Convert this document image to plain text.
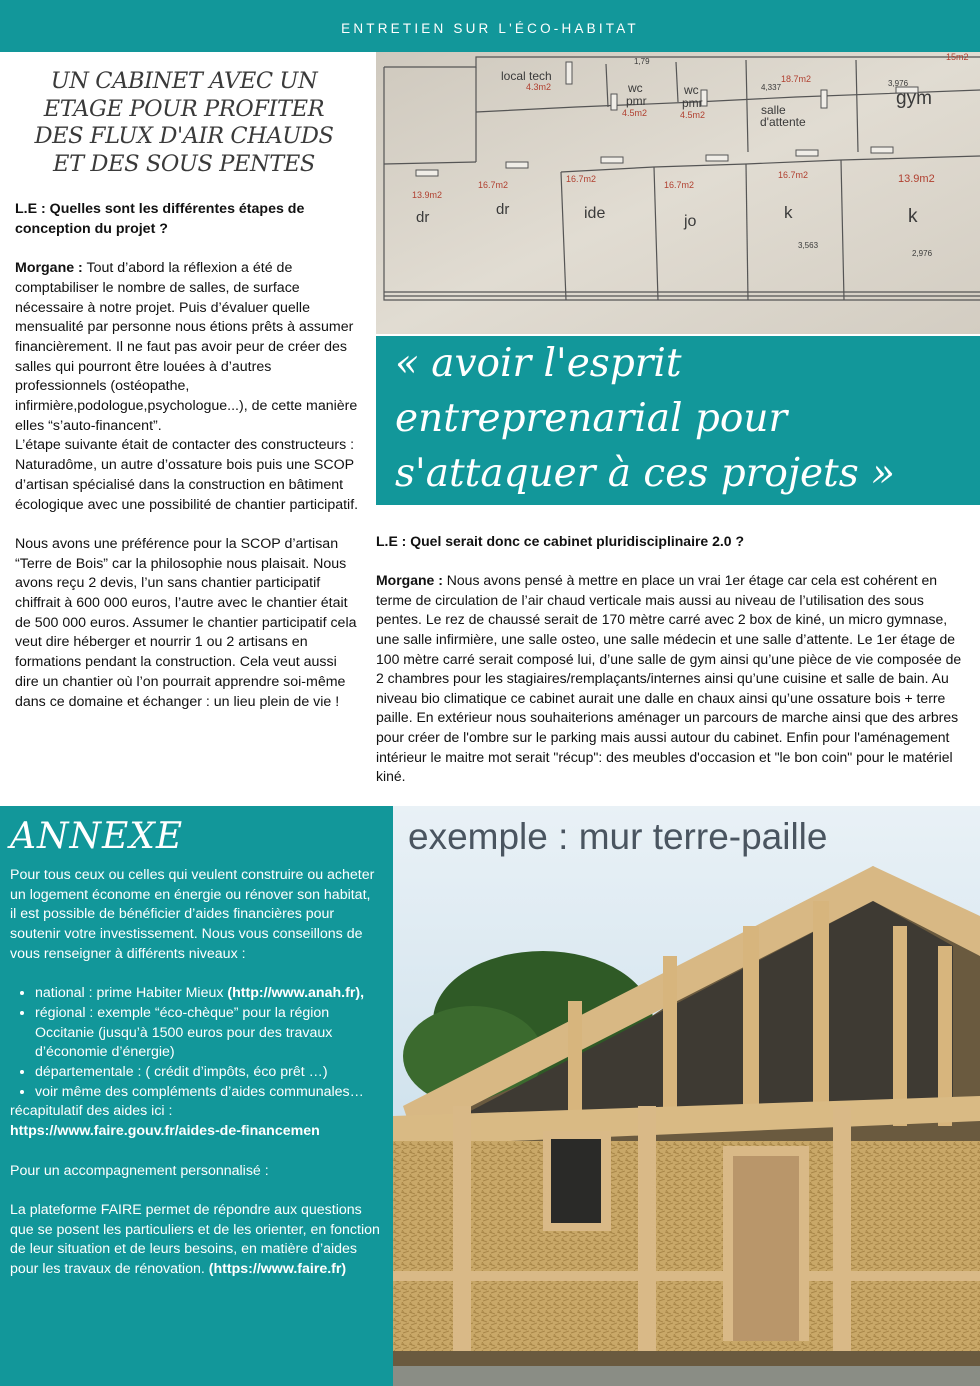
ENTRETIEN SUR L'ÉCO-HABITAT
UN CABINET AVEC UN
ETAGE POUR PROFITER
DES FLUX D'AIR CHAUDS
ET DES SOUS PENTES

L.E : Quelles sont les différentes étapes de conception du projet ?

Morgane : Tout d’abord la réflexion a été de comptabiliser le nombre de salles, de surface nécessaire à notre projet. Puis d’évaluer quelle mensualité par personne nous étions prêts à assumer financièrement. Il ne faut pas avoir peur de créer des salles qui pourront être louées à d’autres professionnels (ostéopathe, infirmière,podologue,psychologue...), de cette manière elles “s’auto-financent”.

L’étape suivante était de contacter des constructeurs : Naturadôme, un autre d’ossature bois puis une SCOP d’artisan spécialisé dans la construction en bâtiment écologique avec une possibilité de chantier participatif.

Nous avons une préférence pour la SCOP d’artisan “Terre de Bois” car la philosophie nous plaisait. Nous avons reçu 2 devis, l’un sans chantier participatif chiffrait à 600 000 euros, l’autre avec le chantier était de 500 000 euros. Assumer le chantier participatif cela veut dire héberger et nourrir 1 ou 2 artisans en formations pendant la construction. Cela veut aussi dire un chantier où l’on pourrait apprendre soi-même dans ce domaine et échanger : un lieu plein de vie !

local tech
wc
pmr
wc
pmr	salle
d'attente
gym
dr	dr	ide	jo	k	k
4.3m2
4.5m2	4.5m2
18.7m2
15m2
13.9m2
16.7m2
16.7m2
16.7m2
16.7m2	13.9m2
1,79
4,337	3,976
3,563
2,976
« avoir l'esprit
entreprenarial pour
s'attaquer à ces projets »

L.E : Quel serait donc ce cabinet pluridisciplinaire 2.0 ?

Morgane : Nous avons pensé à mettre en place un vrai 1er étage car cela est cohérent en terme de circulation de l’air chaud verticale mais aussi au niveau de l’utilisation des sous pentes. Le rez de chaussé serait de 170 mètre carré avec 2 box de kiné, un micro gymnase, une salle infirmière, une salle osteo, une salle médecin et une salle d’attente. Le 1er étage de 100 mètre carré serait composé lui, d’une salle de gym ainsi qu’une pièce de vie composée de 2 chambres pour les stagiaires/remplaçants/internes ainsi qu’une cuisine et salle de bain. Au niveau bio climatique ce cabinet aurait une dalle en chaux ainsi qu’une ossature bois + terre paille. En extérieur nous souhaiterions aménager un parcours de marche ainsi que des arbres pour créer de l'ombre sur le parking mais aussi autour du cabinet. Enfin pour l'aménagement intérieur le maitre mot serait "récup": des meubles d'occasion et "le bon coin" pour le matériel kiné.

ANNEXE

Pour tous ceux ou celles qui veulent construire ou acheter un logement économe en énergie ou rénover son habitat, il est possible de bénéficier d’aides financières pour soutenir votre investissement. Nous vous conseillons de vous renseigner à différents niveaux :

• national : prime Habiter Mieux (http://www.anah.fr),
• régional : exemple “éco-chèque” pour la région Occitanie (jusqu’à 1500 euros pour des travaux d’économie d’énergie)
• départementale : ( crédit d’impôts, éco prêt …)
• voir même des compléments d’aides communales…

récapitulatif des aides ici :

https://www.faire.gouv.fr/aides-de-financemen

Pour un accompagnement personnalisé :

La plateforme FAIRE permet de répondre aux questions que se posent les particuliers et de les orienter, en fonction de leur situation et de leurs besoins, en matière d’aides pour les travaux de rénovation. (https://www.faire.fr)

exemple : mur terre-paille
